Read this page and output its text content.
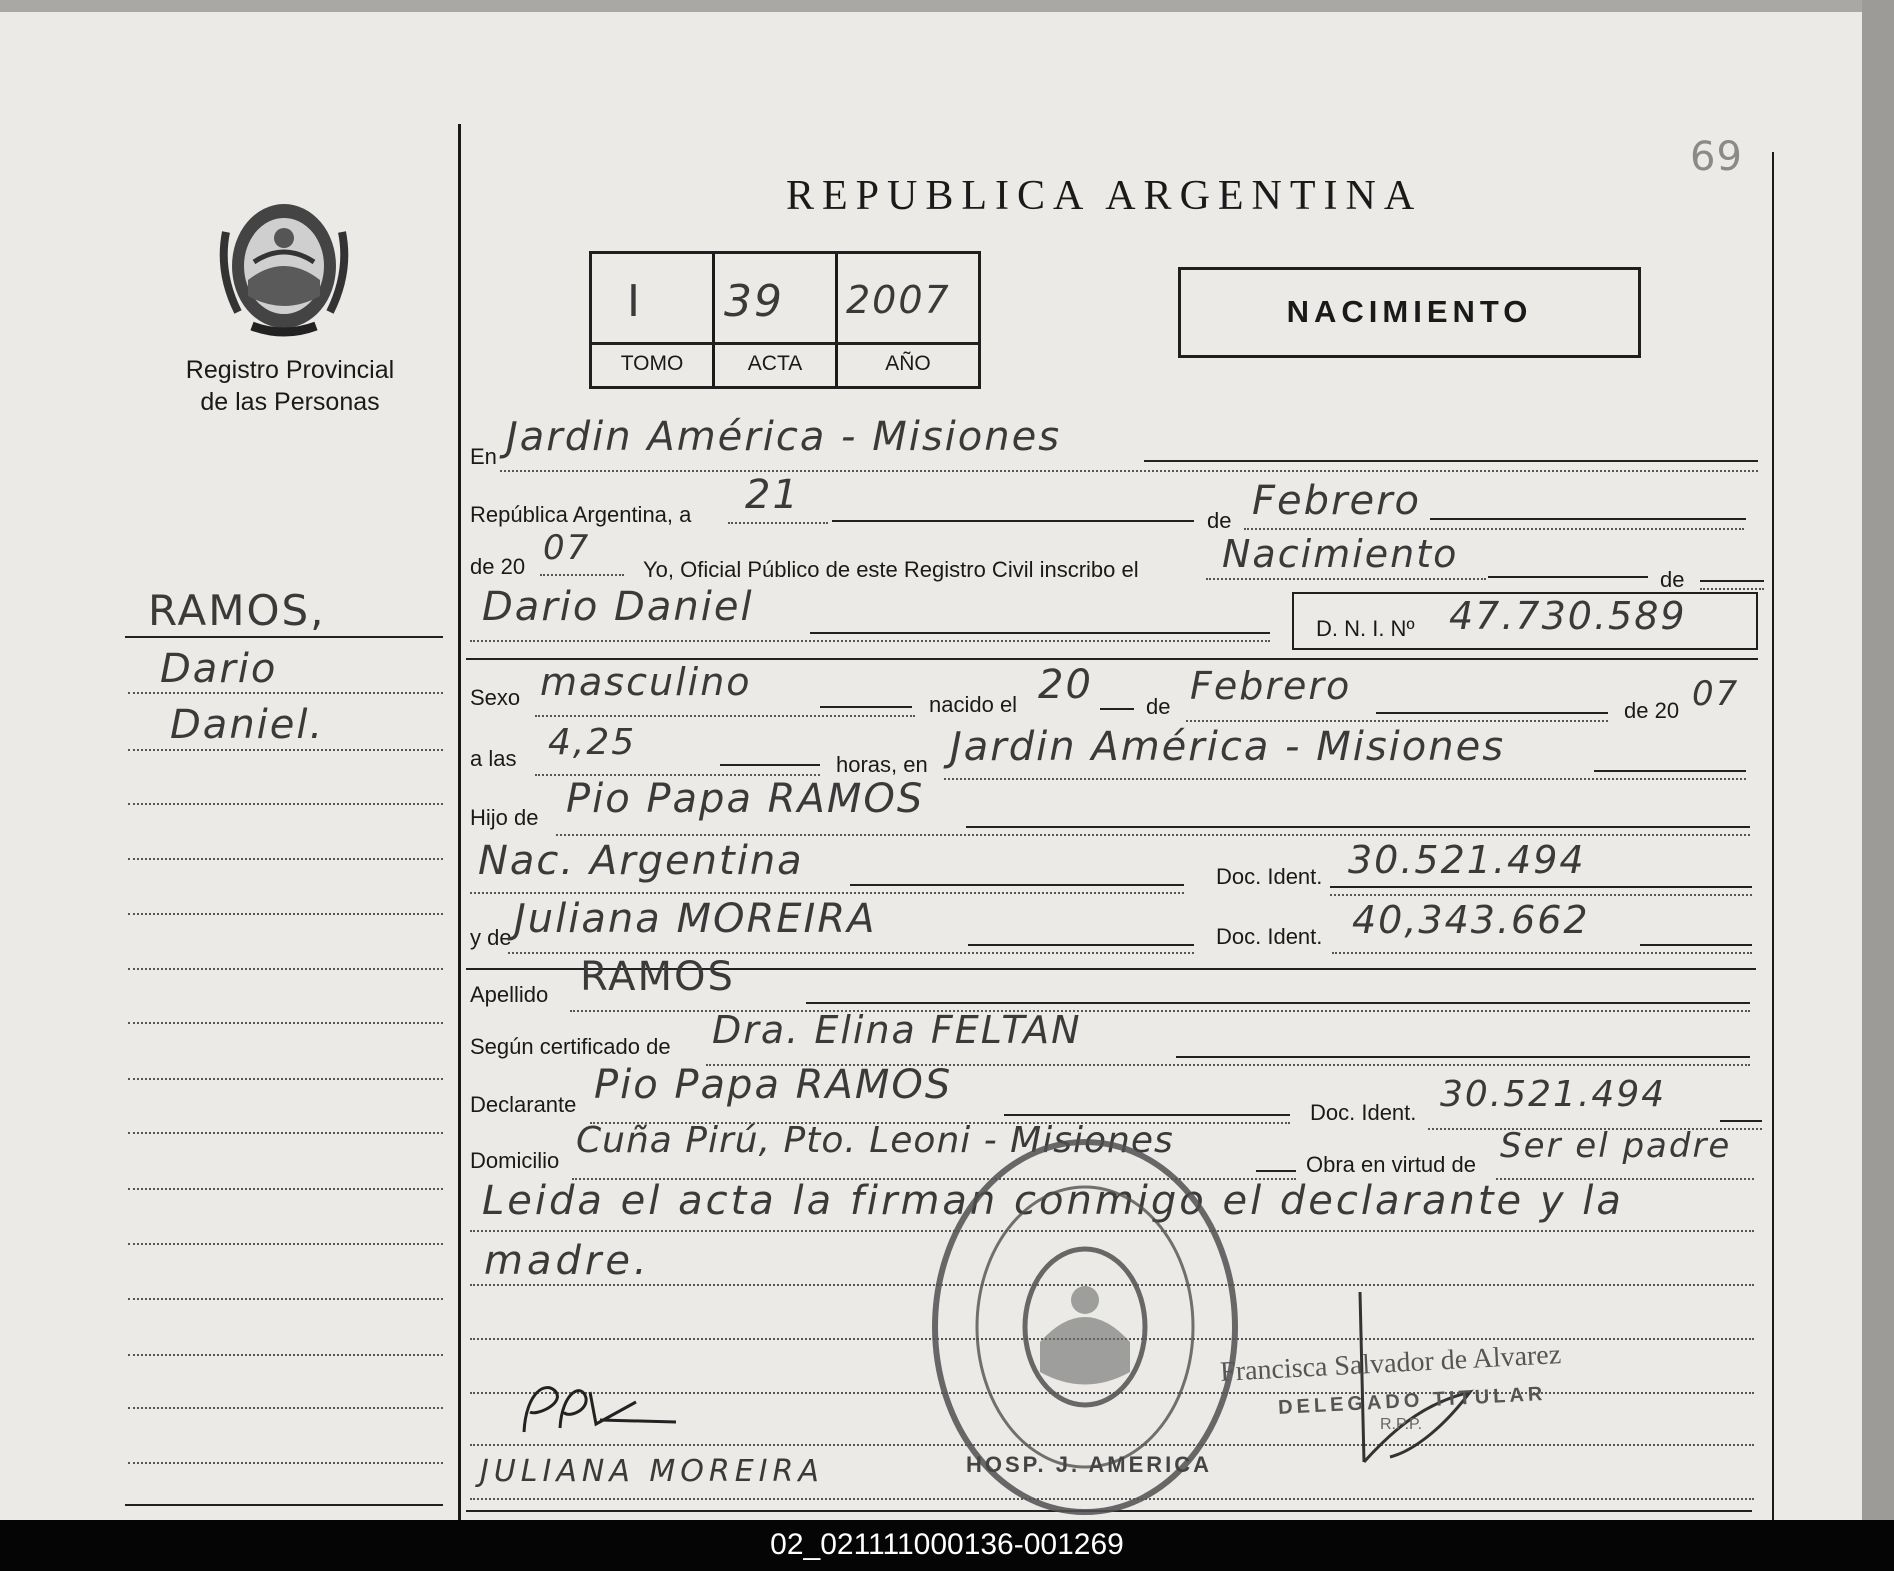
69
Registro Provincial
de las Personas
REPUBLICA ARGENTINA
I 39 2007
TOMO	ACTA	AÑO
NACIMIENTO
RAMOS,
Dario
Daniel.
En Jardin América - Misiones
República Argentina, a 21
de Febrero
de 20 07
Yo, Oficial Público de este Registro Civil inscribo el Nacimiento
de
Dario Daniel	D. N. I. Nº 47.730.589
Sexo masculino
nacido el 20 de Febrero
de 20 07
a las 4,25
horas, en Jardin América - Misiones
Hijo de Pio Papa RAMOS
Nac. Argentina	Doc. Ident. 30.521.494
y de Juliana MOREIRA	Doc. Ident. 40,343.662
Apellido RAMOS
Según certificado de Dra. Elina FELTAN
Declarante Pio Papa RAMOS
Doc. Ident. 30.521.494
Domicilio Cuña Pirú, Pto. Leoni - Misiones
Obra en virtud de Ser el padre
Leida el acta la firman conmigo el declarante y la
madre.
HOSP. J. AMERICA
JULIANA MOREIRA
Francisca Salvador de Alvarez
DELEGADO TITULAR
R.P.P.
02_021111000136-001269
